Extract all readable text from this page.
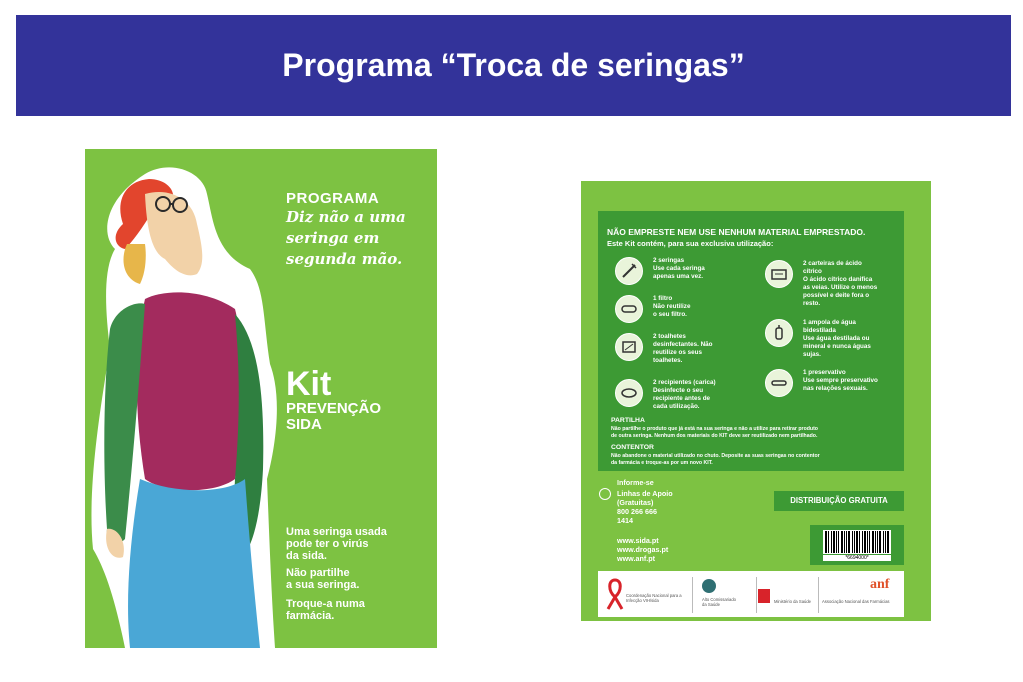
Programa “Troca de seringas”
PROGRAMA
Diz não a uma
seringa em
segunda mão.
Kit
PREVENÇÃO
SIDA
Uma seringa usada
pode ter o virús
da sida.
Não partilhe
a sua seringa.
Troque-a numa
farmácia.
NÃO EMPRESTE NEM USE NENHUM MATERIAL EMPRESTADO.
Este Kit contém, para sua exclusiva utilização:
2 seringas
Use cada seringa
apenas uma vez.
1 filtro
Não reutilize
o seu filtro.
2 toalhetes
desinfectantes. Não
reutilize os seus
toalhetes.
2 recipientes (carica)
Desinfecte o seu
recipiente antes de
cada utilização.
2 carteiras de ácido
cítrico
O ácido cítrico danifica
as veias. Utilize o menos
possível e deite fora o
resto.
1 ampola de água
bidestilada
Use água destilada ou
mineral e nunca águas
sujas.
1 preservativo
Use sempre preservativo
nas relações sexuais.
PARTILHA
Não partilhe o produto que já está na sua seringa e não a utilize para retirar produto
de outra seringa. Nenhum dos materiais do KIT deve ser reutilizado nem partilhado.
CONTENTOR
Não abandone o material utilizado no chuto. Deposite as suas seringas no contentor
da farmácia e troque-as por um novo KIT.
Informe-se
Linhas de Apoio
(Gratuitas)
800 266 666
1414
www.sida.pt
www.drogas.pt
www.anf.pt
DISTRIBUIÇÃO GRATUITA
*6694000*
Coordenação Nacional para a
Infecção VIH/sida	Alto Comissariado
da Saúde
Ministério da Saúde
anf
Associação Nacional das Farmácias
